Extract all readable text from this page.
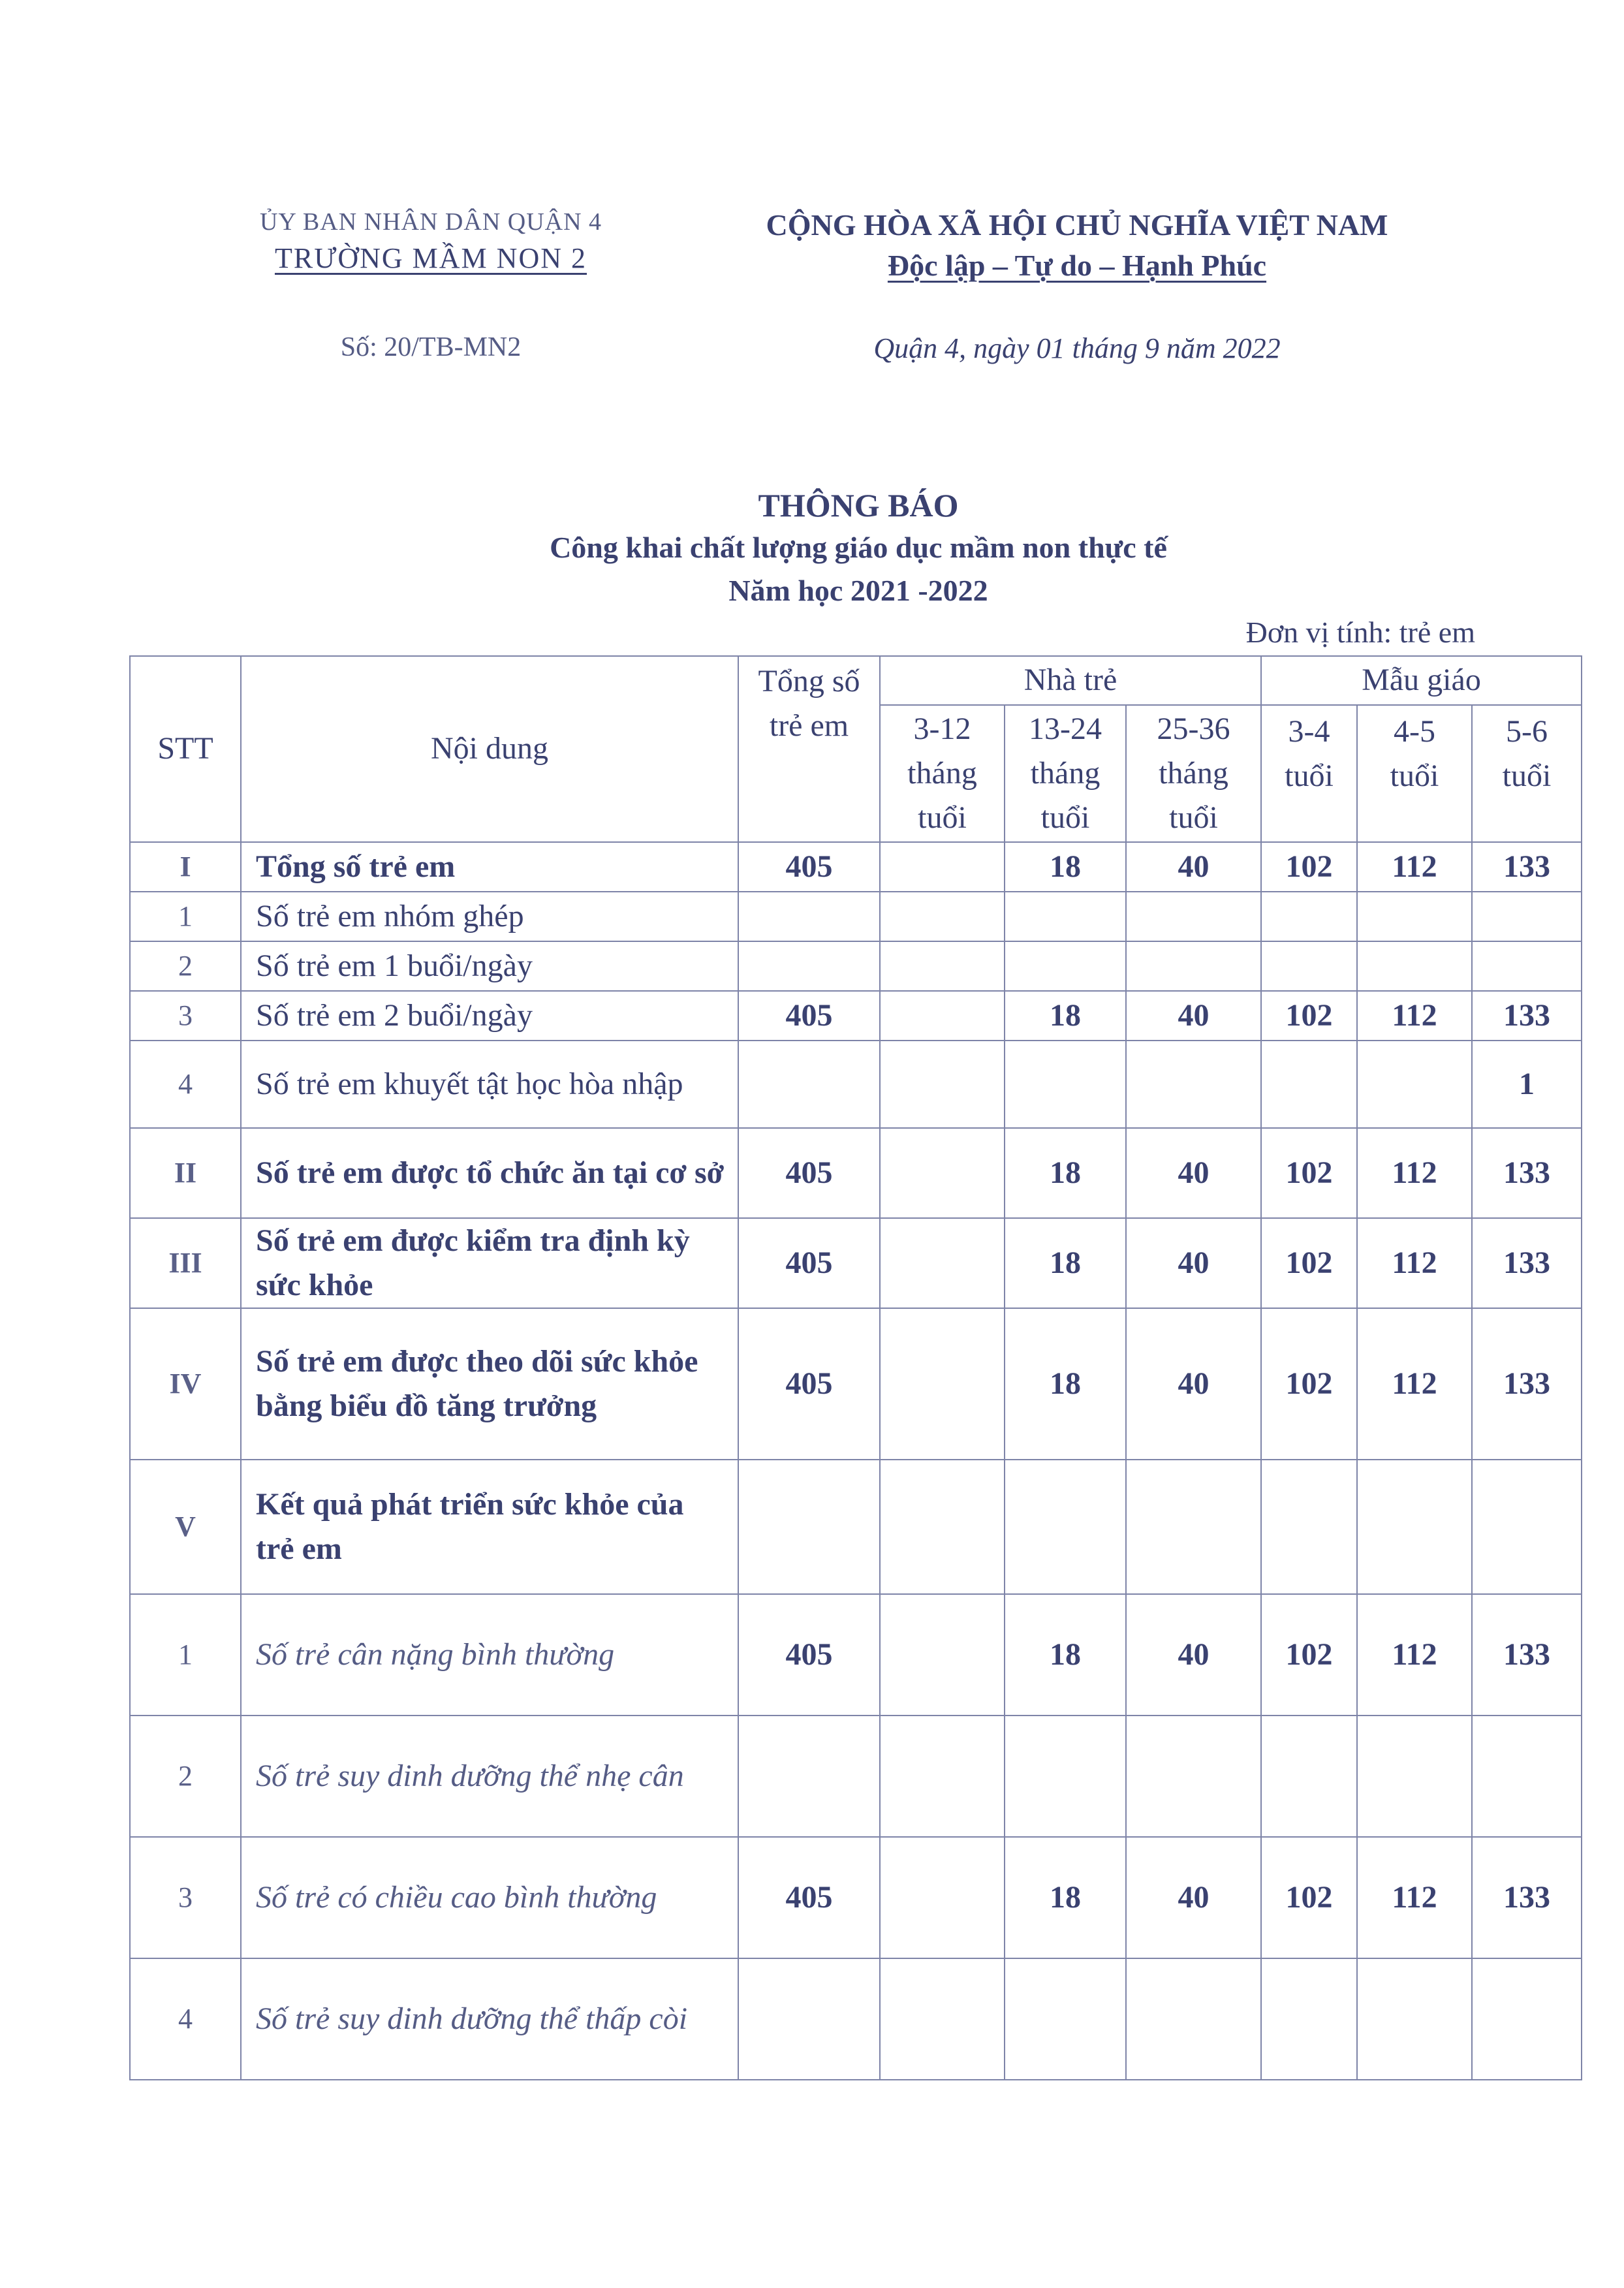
ỦY BAN NHÂN DÂN QUẬN 4
TRƯỜNG MẦM NON 2
CỘNG HÒA XÃ HỘI CHỦ NGHĨA VIỆT NAM
Độc lập – Tự do – Hạnh Phúc
Số: 20/TB-MN2	Quận 4, ngày 01 tháng 9 năm 2022
THÔNG BÁO
Công khai chất lượng giáo dục mầm non thực tế
Năm học 2021 -2022
Đơn vị tính: trẻ em
STT	Nội dung	Tổng số trẻ em	Nhà trẻ			Mẫu giáo		
			3-12 tháng tuổi	13-24 tháng tuổi	25-36 tháng tuổi	3-4 tuổi	4-5 tuổi	5-6 tuổi
I	Tổng số trẻ em	405		18	40	102	112	133
1	Số trẻ em nhóm ghép							
2	Số trẻ em 1 buổi/ngày							
3	Số trẻ em 2 buổi/ngày	405		18	40	102	112	133
4	Số trẻ em khuyết tật học hòa nhập							1
II	Số trẻ em được tổ chức ăn tại cơ sở	405		18	40	102	112	133
III	Số trẻ em được kiểm tra định kỳ sức khỏe	405		18	40	102	112	133
IV	Số trẻ em được theo dõi sức khỏe bằng biểu đồ tăng trưởng	405		18	40	102	112	133
V	Kết quả phát triển sức khỏe của trẻ em							
1	Số trẻ cân nặng bình thường	405		18	40	102	112	133
2	Số trẻ suy dinh dưỡng thể nhẹ cân							
3	Số trẻ có chiều cao bình thường	405		18	40	102	112	133
4	Số trẻ suy dinh dưỡng thể thấp còi							
